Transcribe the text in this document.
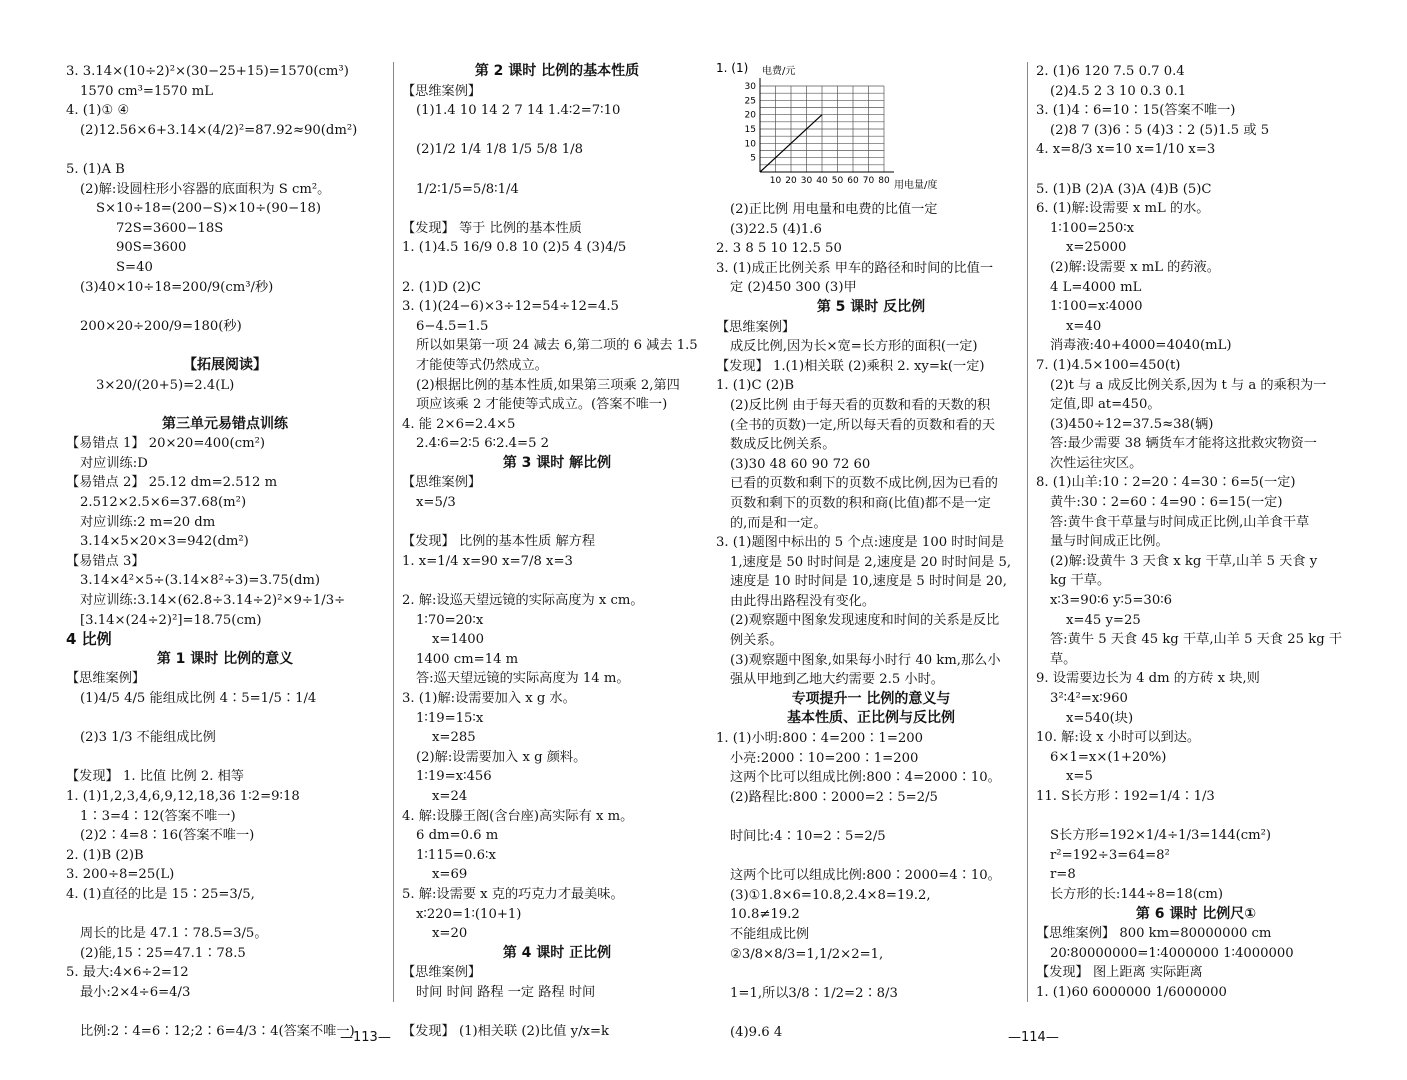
3. 3.14×(10÷2)²×(30−25+15)=1570(cm³)
1570 cm³=1570 mL
4. (1)① ④
(2)12.56×6+3.14×(4/2)²=87.92≈90(dm²)
5. (1)A B
(2)解:设圆柱形小容器的底面积为 S cm²。
S×10÷18=(200−S)×10÷(90−18)
72S=3600−18S
90S=3600
S=40
(3)40×10÷18=200/9(cm³/秒)
200×20÷200/9=180(秒)
【拓展阅读】
3×20/(20+5)=2.4(L)
第三单元易错点训练
【易错点 1】 20×20=400(cm²)
对应训练:D
【易错点 2】 25.12 dm=2.512 m
2.512×2.5×6=37.68(m²)
对应训练:2 m=20 dm
3.14×5×20×3=942(dm²)
【易错点 3】
3.14×4²×5÷(3.14×8²÷3)=3.75(dm)
对应训练:3.14×(62.8÷3.14÷2)²×9÷1/3÷
[3.14×(24÷2)²]=18.75(cm)
4 比例
第 1 课时 比例的意义
【思维案例】
(1)4/5 4/5 能组成比例 4∶5=1/5∶1/4
(2)3 1/3 不能组成比例
【发现】 1. 比值 比例 2. 相等
1. (1)1,2,3,4,6,9,12,18,36 1∶2=9∶18
1∶3=4∶12(答案不唯一)
(2)2∶4=8∶16(答案不唯一)
2. (1)B (2)B
3. 200÷8=25(L)
4. (1)直径的比是 15∶25=3/5,
周长的比是 47.1∶78.5=3/5。
(2)能,15∶25=47.1∶78.5
5. 最大:4×6÷2=12
最小:2×4÷6=4/3
比例:2∶4=6∶12;2∶6=4/3∶4(答案不唯一)
第 2 课时 比例的基本性质
【思维案例】
(1)1.4 10 14 2 7 14 1.4∶2=7∶10
(2)1/2 1/4 1/8 1/5 5/8 1/8
1/2∶1/5=5/8∶1/4
【发现】 等于 比例的基本性质
1. (1)4.5 16/9 0.8 10 (2)5 4 (3)4/5
2. (1)D (2)C
3. (1)(24−6)×3÷12=54÷12=4.5
6−4.5=1.5
所以如果第一项 24 减去 6,第二项的 6 减去 1.5
才能使等式仍然成立。
(2)根据比例的基本性质,如果第三项乘 2,第四
项应该乘 2 才能使等式成立。(答案不唯一)
4. 能 2×6=2.4×5
2.4∶6=2∶5 6∶2.4=5 2
第 3 课时 解比例
【思维案例】
x=5/3
【发现】 比例的基本性质 解方程
1. x=1/4 x=90 x=7/8 x=3
2. 解:设巡天望远镜的实际高度为 x cm。
1∶70=20∶x
x=1400
1400 cm=14 m
答:巡天望远镜的实际高度为 14 m。
3. (1)解:设需要加入 x g 水。
1∶19=15∶x
x=285
(2)解:设需要加入 x g 颜料。
1∶19=x∶456
x=24
4. 解:设滕王阁(含台座)高实际有 x m。
6 dm=0.6 m
1∶115=0.6∶x
x=69
5. 解:设需要 x 克的巧克力才最美味。
x∶220=1∶(10+1)
x=20
第 4 课时 正比例
【思维案例】
时间 时间 路程 一定 路程 时间
【发现】 (1)相关联 (2)比值 y/x=k
1. (1) 电费/元
用电量/度
5
10
15
20
25
30
10 20 30 40 50 60 70 80
(2)正比例 用电量和电费的比值一定
(3)22.5 (4)1.6
2. 3 8 5 10 12.5 50
3. (1)成正比例关系 甲车的路径和时间的比值一
定 (2)450 300 (3)甲
第 5 课时 反比例
【思维案例】
成反比例,因为长×宽=长方形的面积(一定)
【发现】 1.(1)相关联 (2)乘积 2. xy=k(一定)
1. (1)C (2)B
(2)反比例 由于每天看的页数和看的天数的积
(全书的页数)一定,所以每天看的页数和看的天
数成反比例关系。
(3)30 48 60 90 72 60
已看的页数和剩下的页数不成比例,因为已看的
页数和剩下的页数的积和商(比值)都不是一定
的,而是和一定。
3. (1)题图中标出的 5 个点:速度是 100 时时间是
1,速度是 50 时时间是 2,速度是 20 时时间是 5,
速度是 10 时时间是 10,速度是 5 时时间是 20,
由此得出路程没有变化。
(2)观察题中图象发现速度和时间的关系是反比
例关系。
(3)观察题中图象,如果每小时行 40 km,那么小
强从甲地到乙地大约需要 2.5 小时。
专项提升一 比例的意义与
基本性质、正比例与反比例
1. (1)小明:800∶4=200∶1=200
小亮:2000∶10=200∶1=200
这两个比可以组成比例:800∶4=2000∶10。
(2)路程比:800∶2000=2∶5=2/5
时间比:4∶10=2∶5=2/5
这两个比可以组成比例:800∶2000=4∶10。
(3)①1.8×6=10.8,2.4×8=19.2,
10.8≠19.2
不能组成比例
②3/8×8/3=1,1/2×2=1,
1=1,所以3/8∶1/2=2∶8/3
(4)9.6 4
2. (1)6 120 7.5 0.7 0.4
(2)4.5 2 3 10 0.3 0.1
3. (1)4∶6=10∶15(答案不唯一)
(2)8 7 (3)6∶5 (4)3∶2 (5)1.5 或 5
4. x=8/3 x=10 x=1/10 x=3
5. (1)B (2)A (3)A (4)B (5)C
6. (1)解:设需要 x mL 的水。
1∶100=250∶x
x=25000
(2)解:设需要 x mL 的药液。
4 L=4000 mL
1∶100=x∶4000
x=40
消毒液:40+4000=4040(mL)
7. (1)4.5×100=450(t)
(2)t 与 a 成反比例关系,因为 t 与 a 的乘积为一
定值,即 at=450。
(3)450÷12=37.5≈38(辆)
答:最少需要 38 辆货车才能将这批救灾物资一
次性运往灾区。
8. (1)山羊:10∶2=20∶4=30∶6=5(一定)
黄牛:30∶2=60∶4=90∶6=15(一定)
答:黄牛食干草量与时间成正比例,山羊食干草
量与时间成正比例。
(2)解:设黄牛 3 天食 x kg 干草,山羊 5 天食 y
kg 干草。
x∶3=90∶6 y∶5=30∶6
x=45 y=25
答:黄牛 5 天食 45 kg 干草,山羊 5 天食 25 kg 干
草。
9. 设需要边长为 4 dm 的方砖 x 块,则
3²∶4²=x∶960
x=540(块)
10. 解:设 x 小时可以到达。
6×1=x×(1+20%)
x=5
11. S长方形∶192=1/4∶1/3
S长方形=192×1/4÷1/3=144(cm²)
r²=192÷3=64=8²
r=8
长方形的长:144÷8=18(cm)
第 6 课时 比例尺①
【思维案例】 800 km=80000000 cm
20∶80000000=1∶4000000 1∶4000000
【发现】 图上距离 实际距离
1. (1)60 6000000 1/6000000
—113—	—114—
